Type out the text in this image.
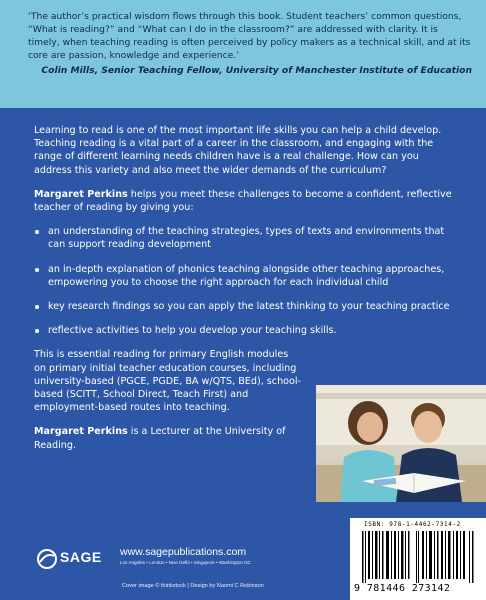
‘The author’s practical wisdom flows through this book. Student teachers’ common questions, “What is reading?” and “What can I do in the classroom?” are addressed with clarity. It is timely, when teaching reading is often perceived by policy makers as a technical skill, and at its core are passion, knowledge and experience.’

Colin Mills, Senior Teaching Fellow, University of Manchester Institute of Education

Learning to read is one of the most important life skills you can help a child develop. Teaching reading is a vital part of a career in the classroom, and engaging with the range of different learning needs children have is a real challenge. How can you address this variety and also meet the wider demands of the curriculum?

Margaret Perkins helps you meet these challenges to become a confident, reflective teacher of reading by giving you:

an understanding of the teaching strategies, types of texts and environments that can support reading development
an in-depth explanation of phonics teaching alongside other teaching approaches, empowering you to choose the right approach for each individual child
key research findings so you can apply the latest thinking to your teaching practice
reflective activities to help you develop your teaching skills.

This is essential reading for primary English modules on primary initial teacher education courses, including university-based (PGCE, PGDE, BA w/QTS, BEd), school-based (SCITT, School Direct, Teach First) and employment-based routes into teaching.

Margaret Perkins is a Lecturer at the University of Reading.

ISBN: 978-1-4462-7314-2
9 781446 273142
SAGE www.sagepublications.com
Los Angeles • London • New Delhi • Singapore • Washington DC
Cover image © thinkstock | Design by Naomi C Robinson
